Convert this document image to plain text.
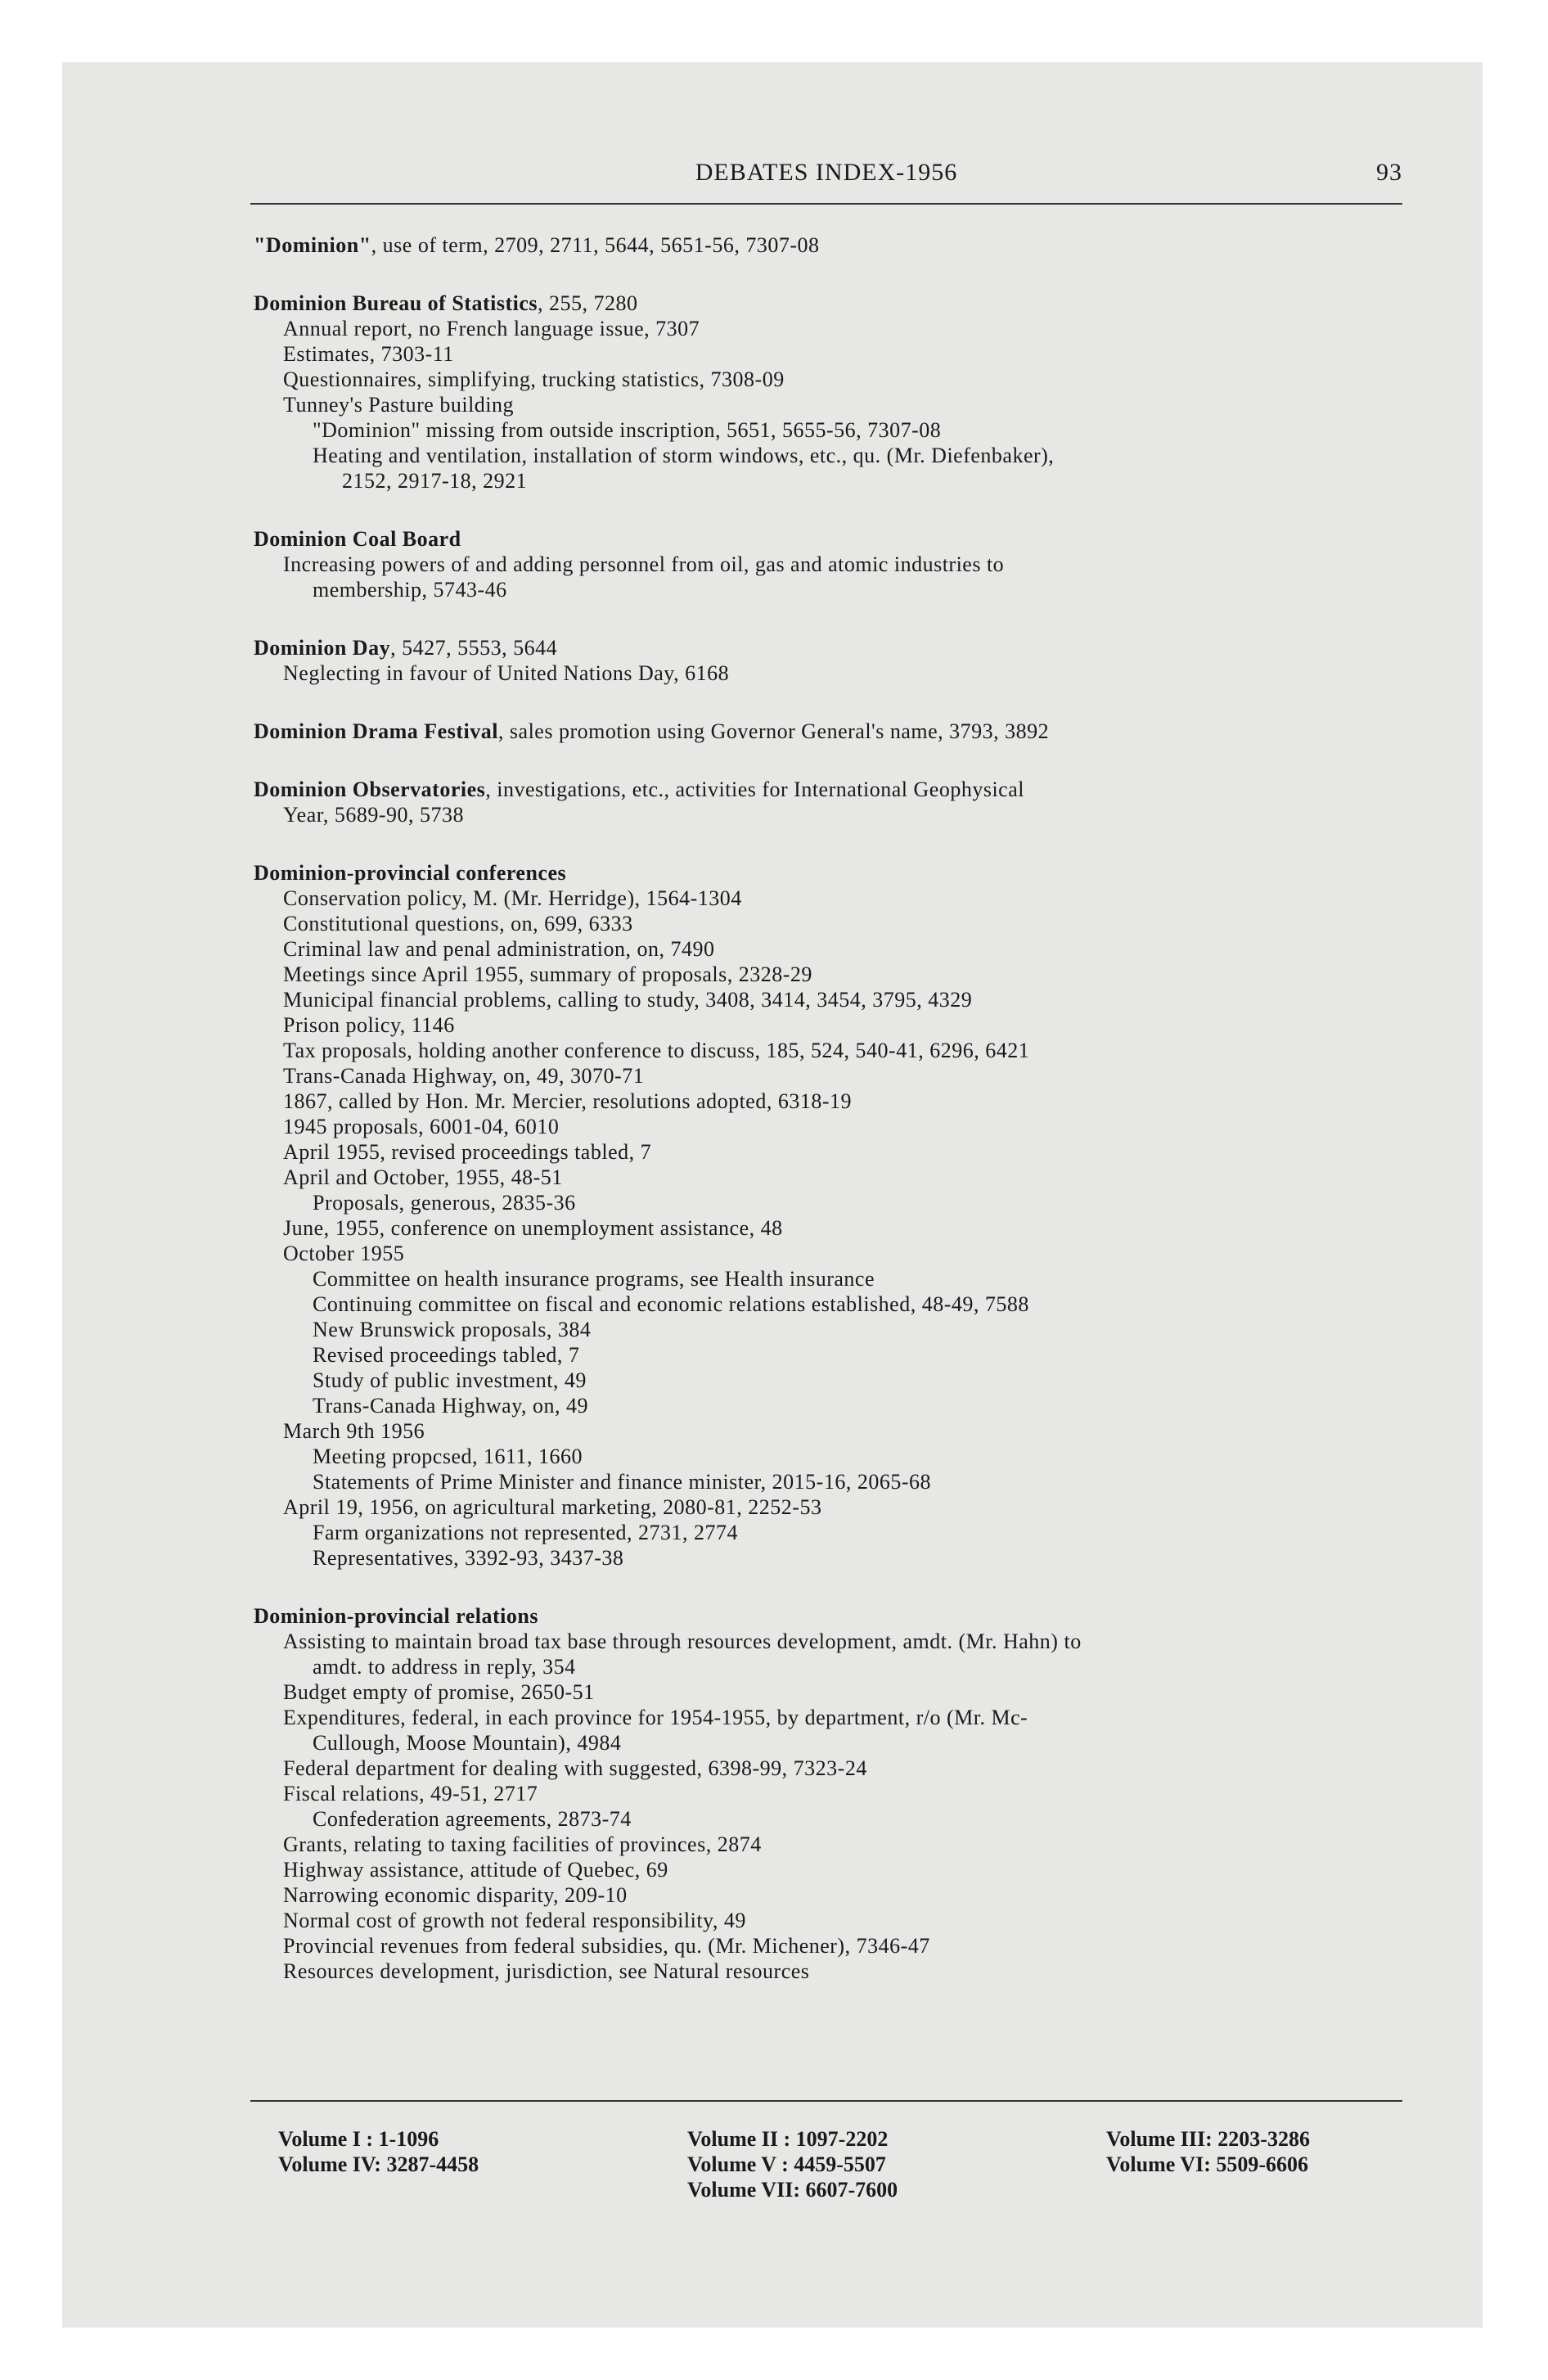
DEBATES INDEX-1956	93
"Dominion", use of term, 2709, 2711, 5644, 5651-56, 7307-08
Dominion Bureau of Statistics, 255, 7280
Annual report, no French language issue, 7307
Estimates, 7303-11
Questionnaires, simplifying, trucking statistics, 7308-09
Tunney's Pasture building
"Dominion" missing from outside inscription, 5651, 5655-56, 7307-08
Heating and ventilation, installation of storm windows, etc., qu. (Mr. Diefenbaker),
2152, 2917-18, 2921
Dominion Coal Board
Increasing powers of and adding personnel from oil, gas and atomic industries to
membership, 5743-46
Dominion Day, 5427, 5553, 5644
Neglecting in favour of United Nations Day, 6168
Dominion Drama Festival, sales promotion using Governor General's name, 3793, 3892
Dominion Observatories, investigations, etc., activities for International Geophysical
Year, 5689-90, 5738
Dominion-provincial conferences
Conservation policy, M. (Mr. Herridge), 1564-1304
Constitutional questions, on, 699, 6333
Criminal law and penal administration, on, 7490
Meetings since April 1955, summary of proposals, 2328-29
Municipal financial problems, calling to study, 3408, 3414, 3454, 3795, 4329
Prison policy, 1146
Tax proposals, holding another conference to discuss, 185, 524, 540-41, 6296, 6421
Trans-Canada Highway, on, 49, 3070-71
1867, called by Hon. Mr. Mercier, resolutions adopted, 6318-19
1945 proposals, 6001-04, 6010
April 1955, revised proceedings tabled, 7
April and October, 1955, 48-51
Proposals, generous, 2835-36
June, 1955, conference on unemployment assistance, 48
October 1955
Committee on health insurance programs, see Health insurance
Continuing committee on fiscal and economic relations established, 48-49, 7588
New Brunswick proposals, 384
Revised proceedings tabled, 7
Study of public investment, 49
Trans-Canada Highway, on, 49
March 9th 1956
Meeting propcsed, 1611, 1660
Statements of Prime Minister and finance minister, 2015-16, 2065-68
April 19, 1956, on agricultural marketing, 2080-81, 2252-53
Farm organizations not represented, 2731, 2774
Representatives, 3392-93, 3437-38
Dominion-provincial relations
Assisting to maintain broad tax base through resources development, amdt. (Mr. Hahn) to
amdt. to address in reply, 354
Budget empty of promise, 2650-51
Expenditures, federal, in each province for 1954-1955, by department, r/o (Mr. Mc-
Cullough, Moose Mountain), 4984
Federal department for dealing with suggested, 6398-99, 7323-24
Fiscal relations, 49-51, 2717
Confederation agreements, 2873-74
Grants, relating to taxing facilities of provinces, 2874
Highway assistance, attitude of Quebec, 69
Narrowing economic disparity, 209-10
Normal cost of growth not federal responsibility, 49
Provincial revenues from federal subsidies, qu. (Mr. Michener), 7346-47
Resources development, jurisdiction, see Natural resources
Volume I : 1-1096
Volume IV: 3287-4458
Volume II : 1097-2202
Volume V : 4459-5507
Volume VII: 6607-7600
Volume III: 2203-3286
Volume VI: 5509-6606
